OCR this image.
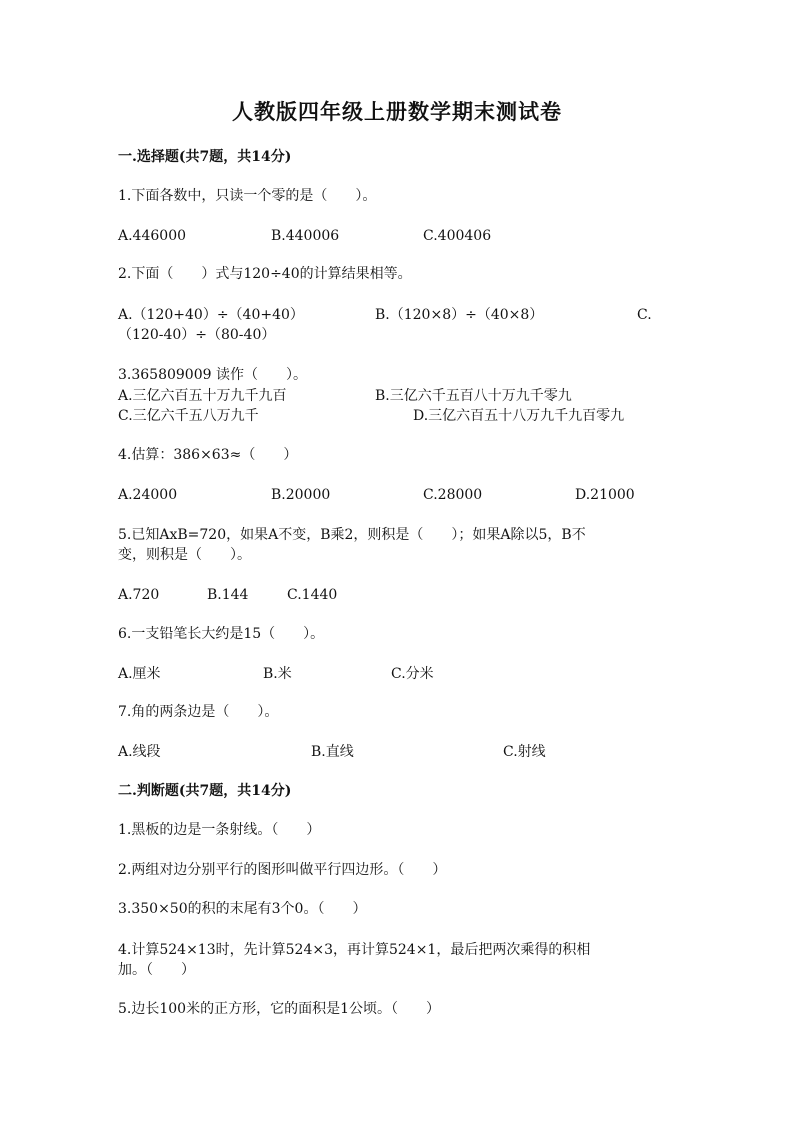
人教版四年级上册数学期末测试卷
一.选择题(共7题，共14分)
1.下面各数中，只读一个零的是（　　）。
A.446000	B.440006	C.400406
2.下面（　　）式与120÷40的计算结果相等。
A.（120+40）÷（40+40）	B.（120×8）÷（40×8）	C.
（120-40）÷（80-40）
3.365809009 读作（　　）。
A.三亿六百五十万九千九百	B.三亿六千五百八十万九千零九
C.三亿六千五八万九千	D.三亿六百五十八万九千九百零九
4.估算：386×63≈（　　）
A.24000	B.20000	C.28000	D.21000
5.已知AxB=720，如果A不变，B乘2，则积是（　　）；如果A除以5，B不
变，则积是（　　）。
A.720	B.144	C.1440
6.一支铅笔长大约是15（　　）。
A.厘米	B.米	C.分米
7.角的两条边是（　　）。
A.线段	B.直线	C.射线
二.判断题(共7题，共14分)
1.黑板的边是一条射线。（　　）
2.两组对边分别平行的图形叫做平行四边形。（　　）
3.350×50的积的末尾有3个0。（　　）
4.计算524×13时，先计算524×3，再计算524×1，最后把两次乘得的积相
加。（　　）
5.边长100米的正方形，它的面积是1公顷。（　　）
